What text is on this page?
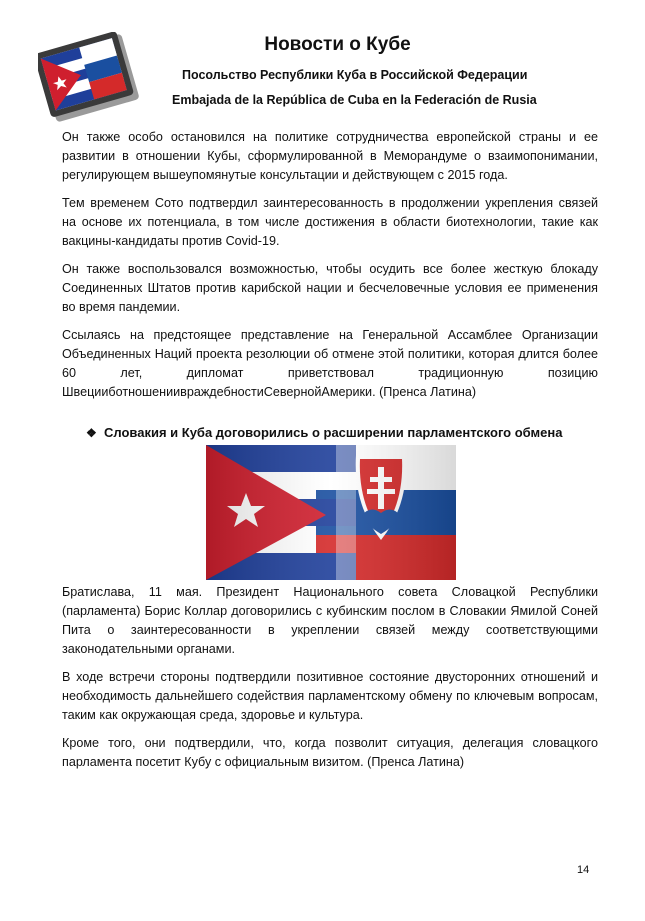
Новости о Кубе
Посольство Республики Куба в Российской Федерации
Embajada de la República de Cuba en la Federación de Rusia

Он также особо остановился на политике сотрудничества европейской страны и ее развитии в отношении Кубы, сформулированной в Меморандуме о взаимопонимании, регулирующем вышеупомянутые консультации и действующем с 2015 года.

Тем временем Сото подтвердил заинтересованность в продолжении укрепления связей на основе их потенциала, в том числе достижения в области биотехнологии, такие как вакцины-кандидаты против Covid-19.

Он также воспользовался возможностью, чтобы осудить все более жесткую блокаду Соединенных Штатов против карибской нации и бесчеловечные условия ее применения во время пандемии.

Ссылаясь на предстоящее представление на Генеральной Ассамблее Организации Объединенных Наций проекта резолюции об отмене этой политики, которая длится более 60 лет, дипломат приветствовал традиционную позицию ШвецииботношениивраждебностиСевернойАмерики. (Пренса Латина)

❖ Словакия и Куба договорились о расширении парламентского обмена

Братислава, 11 мая. Президент Национального совета Словацкой Республики (парламента) Борис Коллар договорились с кубинским послом в Словакии Ямилой Соней Пита о заинтересованности в укреплении связей между соответствующими законодательными органами.

В ходе встречи стороны подтвердили позитивное состояние двусторонних отношений и необходимость дальнейшего содействия парламентскому обмену по ключевым вопросам, таким как окружающая среда, здоровье и культура.

Кроме того, они подтвердили, что, когда позволит ситуация, делегация словацкого парламента посетит Кубу с официальным визитом. (Пренса Латина)

14
